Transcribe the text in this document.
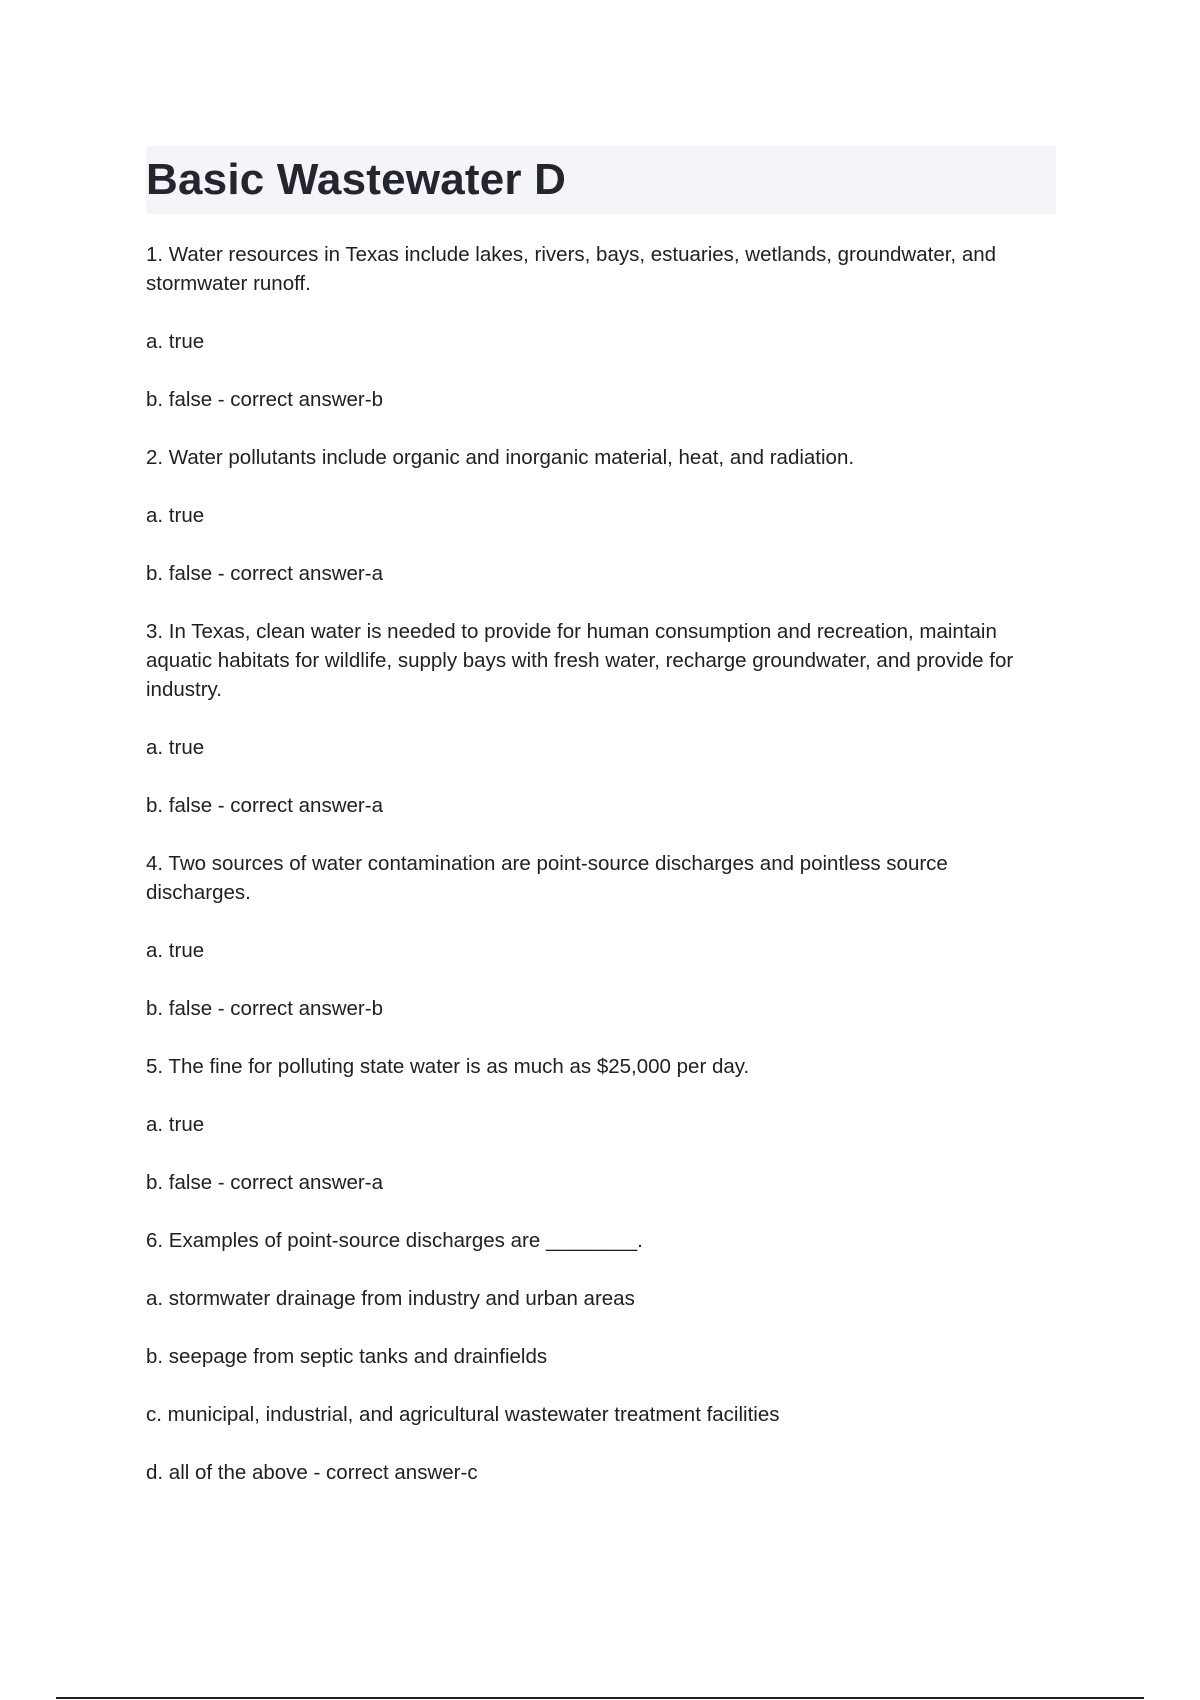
Basic Wastewater D

1. Water resources in Texas include lakes, rivers, bays, estuaries, wetlands, groundwater, and stormwater runoff.

a. true

b. false - correct answer-b

2. Water pollutants include organic and inorganic material, heat, and radiation.

a. true

b. false - correct answer-a

3. In Texas, clean water is needed to provide for human consumption and recreation, maintain aquatic habitats for wildlife, supply bays with fresh water, recharge groundwater, and provide for industry.

a. true

b. false - correct answer-a

4. Two sources of water contamination are point-source discharges and pointless source discharges.

a. true

b. false - correct answer-b

5. The fine for polluting state water is as much as $25,000 per day.

a. true

b. false - correct answer-a

6. Examples of point-source discharges are ________.

a. stormwater drainage from industry and urban areas

b. seepage from septic tanks and drainfields

c. municipal, industrial, and agricultural wastewater treatment facilities

d. all of the above - correct answer-c
